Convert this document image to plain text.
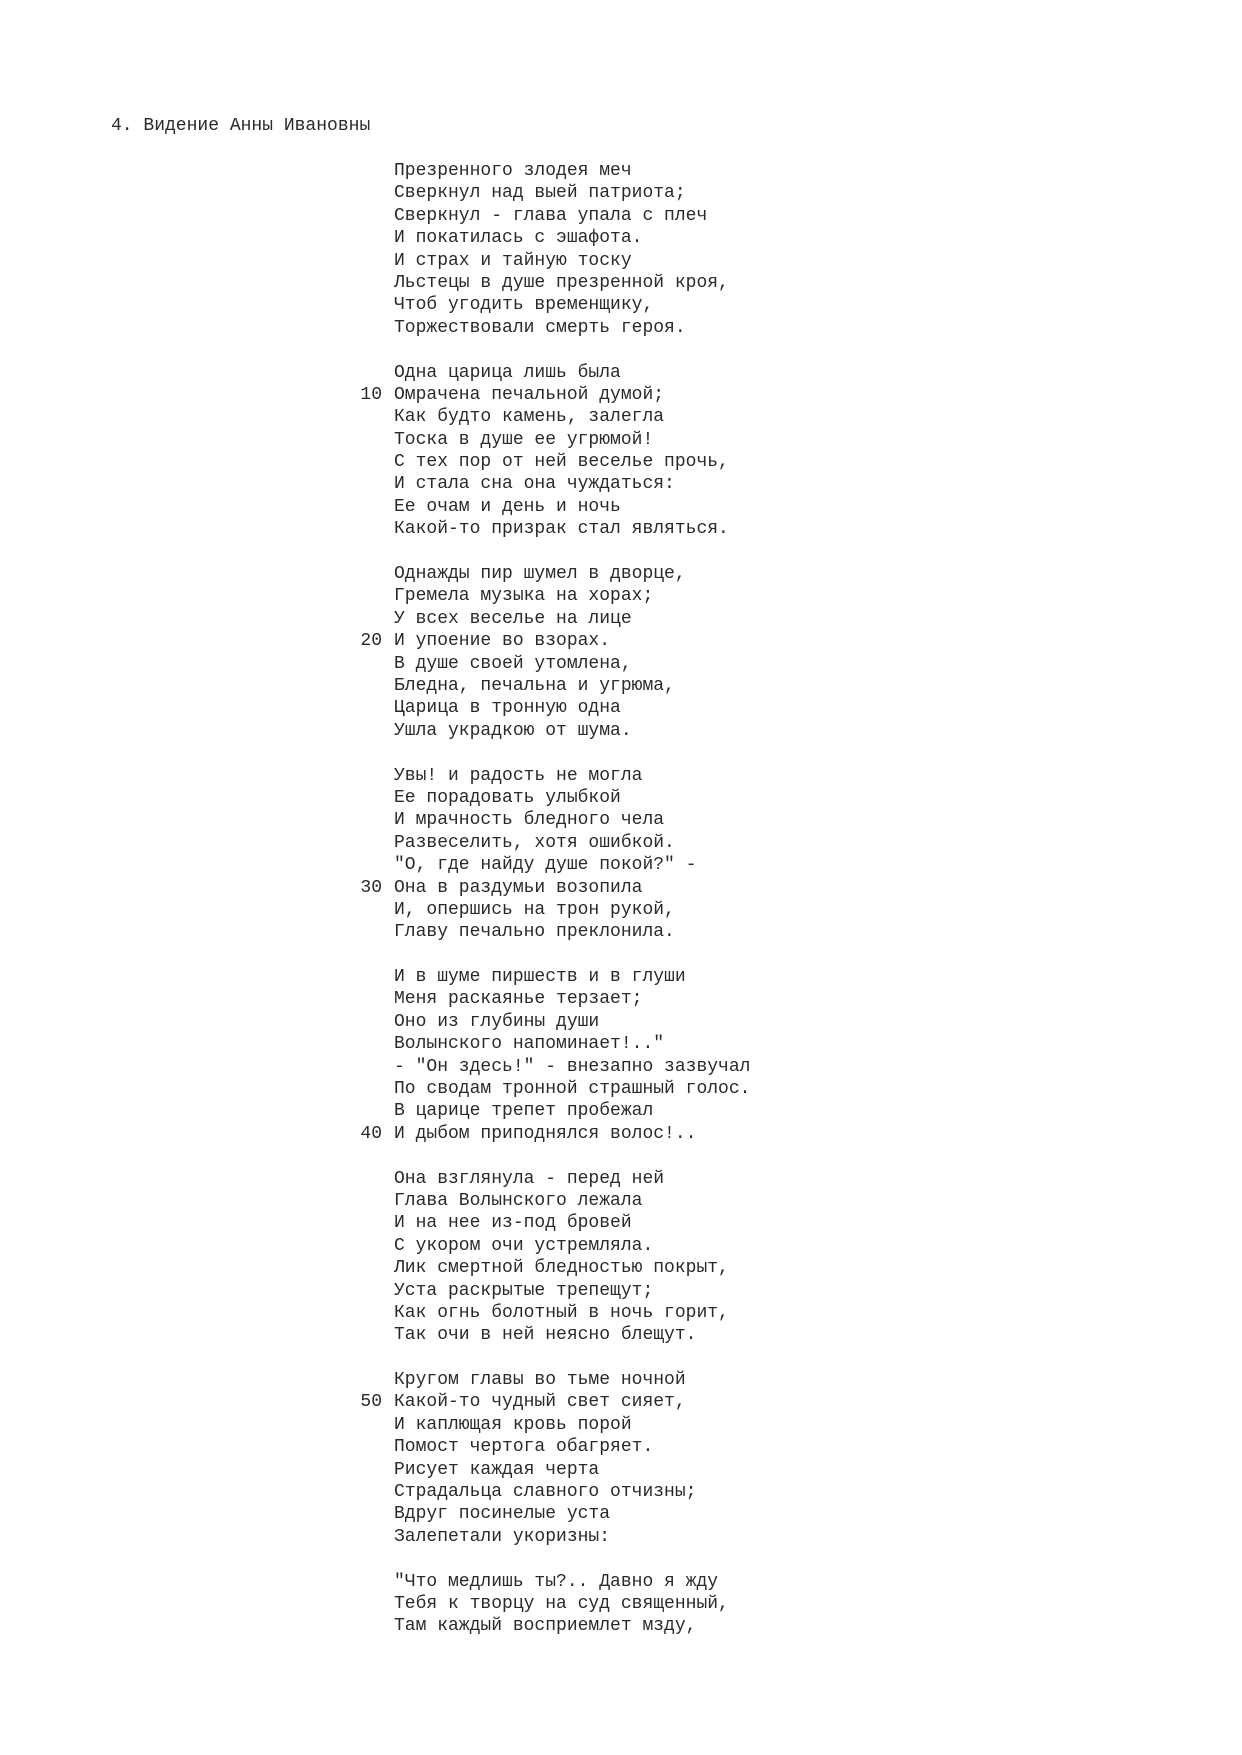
4. Видение Анны Ивановны
Презренного злодея меч
Сверкнул над выей патриота;
Сверкнул - глава упала с плеч
И покатилась с эшафота.
И страх и тайную тоску
Льстецы в душе презренной кроя,
Чтоб угодить временщику,
Торжествовали смерть героя.
Одна царица лишь была
10 Омрачена печальной думой;
Как будто камень, залегла
Тоска в душе ее угрюмой!
С тех пор от ней веселье прочь,
И стала сна она чуждаться:
Ее очам и день и ночь
Какой-то призрак стал являться.
Однажды пир шумел в дворце,
Гремела музыка на хорах;
У всех веселье на лице
20 И упоение во взорах.
В душе своей утомлена,
Бледна, печальна и угрюма,
Царица в тронную одна
Ушла украдкою от шума.
Увы! и радость не могла
Ее порадовать улыбкой
И мрачность бледного чела
Развеселить, хотя ошибкой.
"О, где найду душе покой?" -
30 Она в раздумьи возопила
И, опершись на трон рукой,
Главу печально преклонила.
И в шуме пиршеств и в глуши
Меня раскаянье терзает;
Оно из глубины души
Волынского напоминает!.."
- "Он здесь!" - внезапно зазвучал
По сводам тронной страшный голос.
В царице трепет пробежал
40 И дыбом приподнялся волос!..
Она взглянула - перед ней
Глава Волынского лежала
И на нее из-под бровей
С укором очи устремляла.
Лик смертной бледностью покрыт,
Уста раскрытые трепещут;
Как огнь болотный в ночь горит,
Так очи в ней неясно блещут.
Кругом главы во тьме ночной
50 Какой-то чудный свет сияет,
И каплющая кровь порой
Помост чертога обагряет.
Рисует каждая черта
Страдальца славного отчизны;
Вдруг посинелые уста
Залепетали укоризны:
"Что медлишь ты?.. Давно я жду
Тебя к творцу на суд священный,
Там каждый восприемлет мзду,
